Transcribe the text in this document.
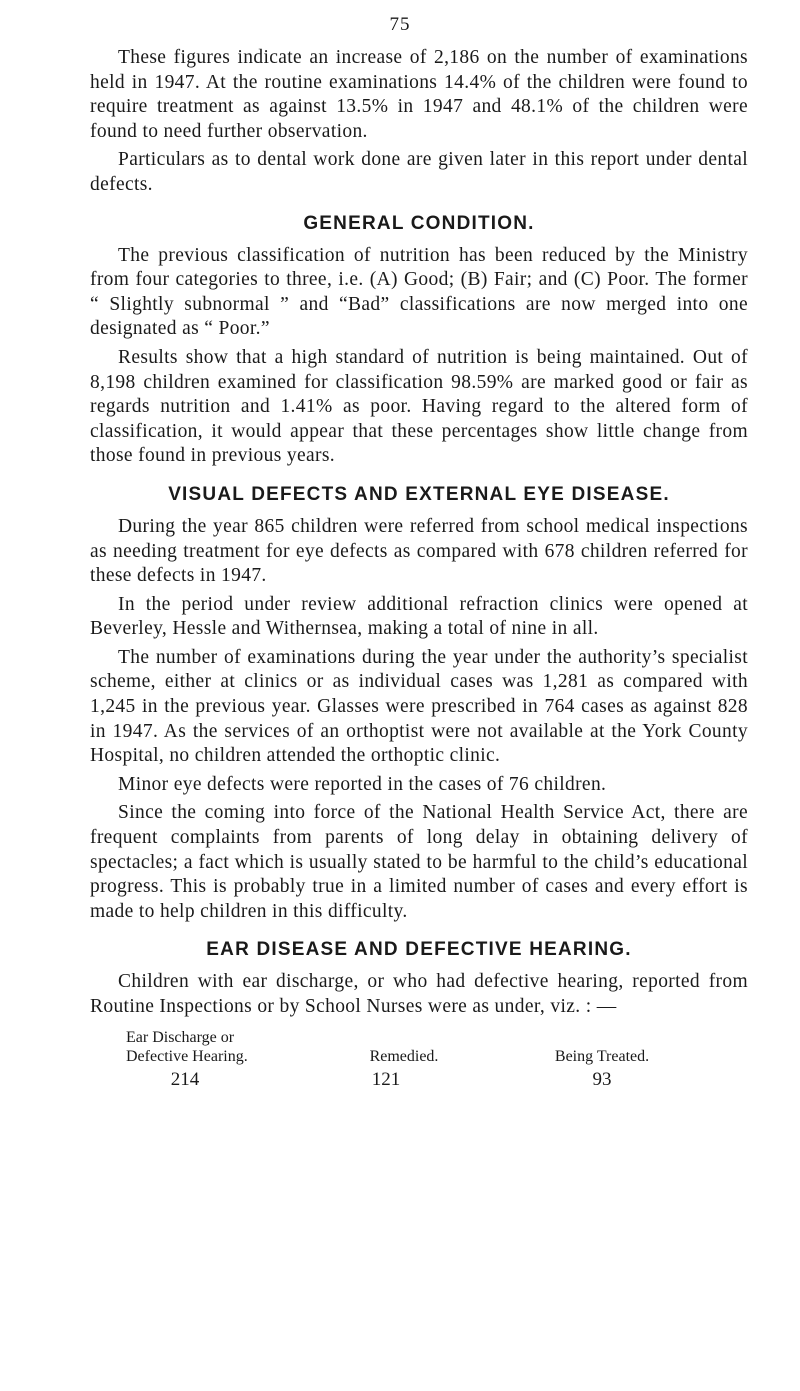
75

These figures indicate an increase of 2,186 on the number of examinations held in 1947. At the routine examinations 14.4% of the children were found to require treatment as against 13.5% in 1947 and 48.1% of the children were found to need further observation.

Particulars as to dental work done are given later in this report under dental defects.

GENERAL CONDITION.

The previous classification of nutrition has been reduced by the Ministry from four categories to three, i.e. (A) Good; (B) Fair; and (C) Poor. The former “ Slightly subnormal ” and “Bad” classifications are now merged into one designated as “ Poor.”

Results show that a high standard of nutrition is being maintained. Out of 8,198 children examined for classification 98.59% are marked good or fair as regards nutrition and 1.41% as poor. Having regard to the altered form of classification, it would appear that these percentages show little change from those found in previous years.

VISUAL DEFECTS AND EXTERNAL EYE DISEASE.

During the year 865 children were referred from school medical inspections as needing treatment for eye defects as compared with 678 children referred for these defects in 1947.

In the period under review additional refraction clinics were opened at Beverley, Hessle and Withernsea, making a total of nine in all.

The number of examinations during the year under the authority’s specialist scheme, either at clinics or as individual cases was 1,281 as compared with 1,245 in the previous year. Glasses were prescribed in 764 cases as against 828 in 1947. As the services of an orthoptist were not available at the York County Hospital, no children attended the orthoptic clinic.

Minor eye defects were reported in the cases of 76 children.

Since the coming into force of the National Health Service Act, there are frequent complaints from parents of long delay in obtaining delivery of spectacles; a fact which is usually stated to be harmful to the child’s educational progress. This is probably true in a limited number of cases and every effort is made to help children in this difficulty.

EAR DISEASE AND DEFECTIVE HEARING.

Children with ear discharge, or who had defective hearing, reported from Routine Inspections or by School Nurses were as under, viz. : —

Ear Discharge or
Defective Hearing.	Remedied.	Being Treated.
214	121	93
